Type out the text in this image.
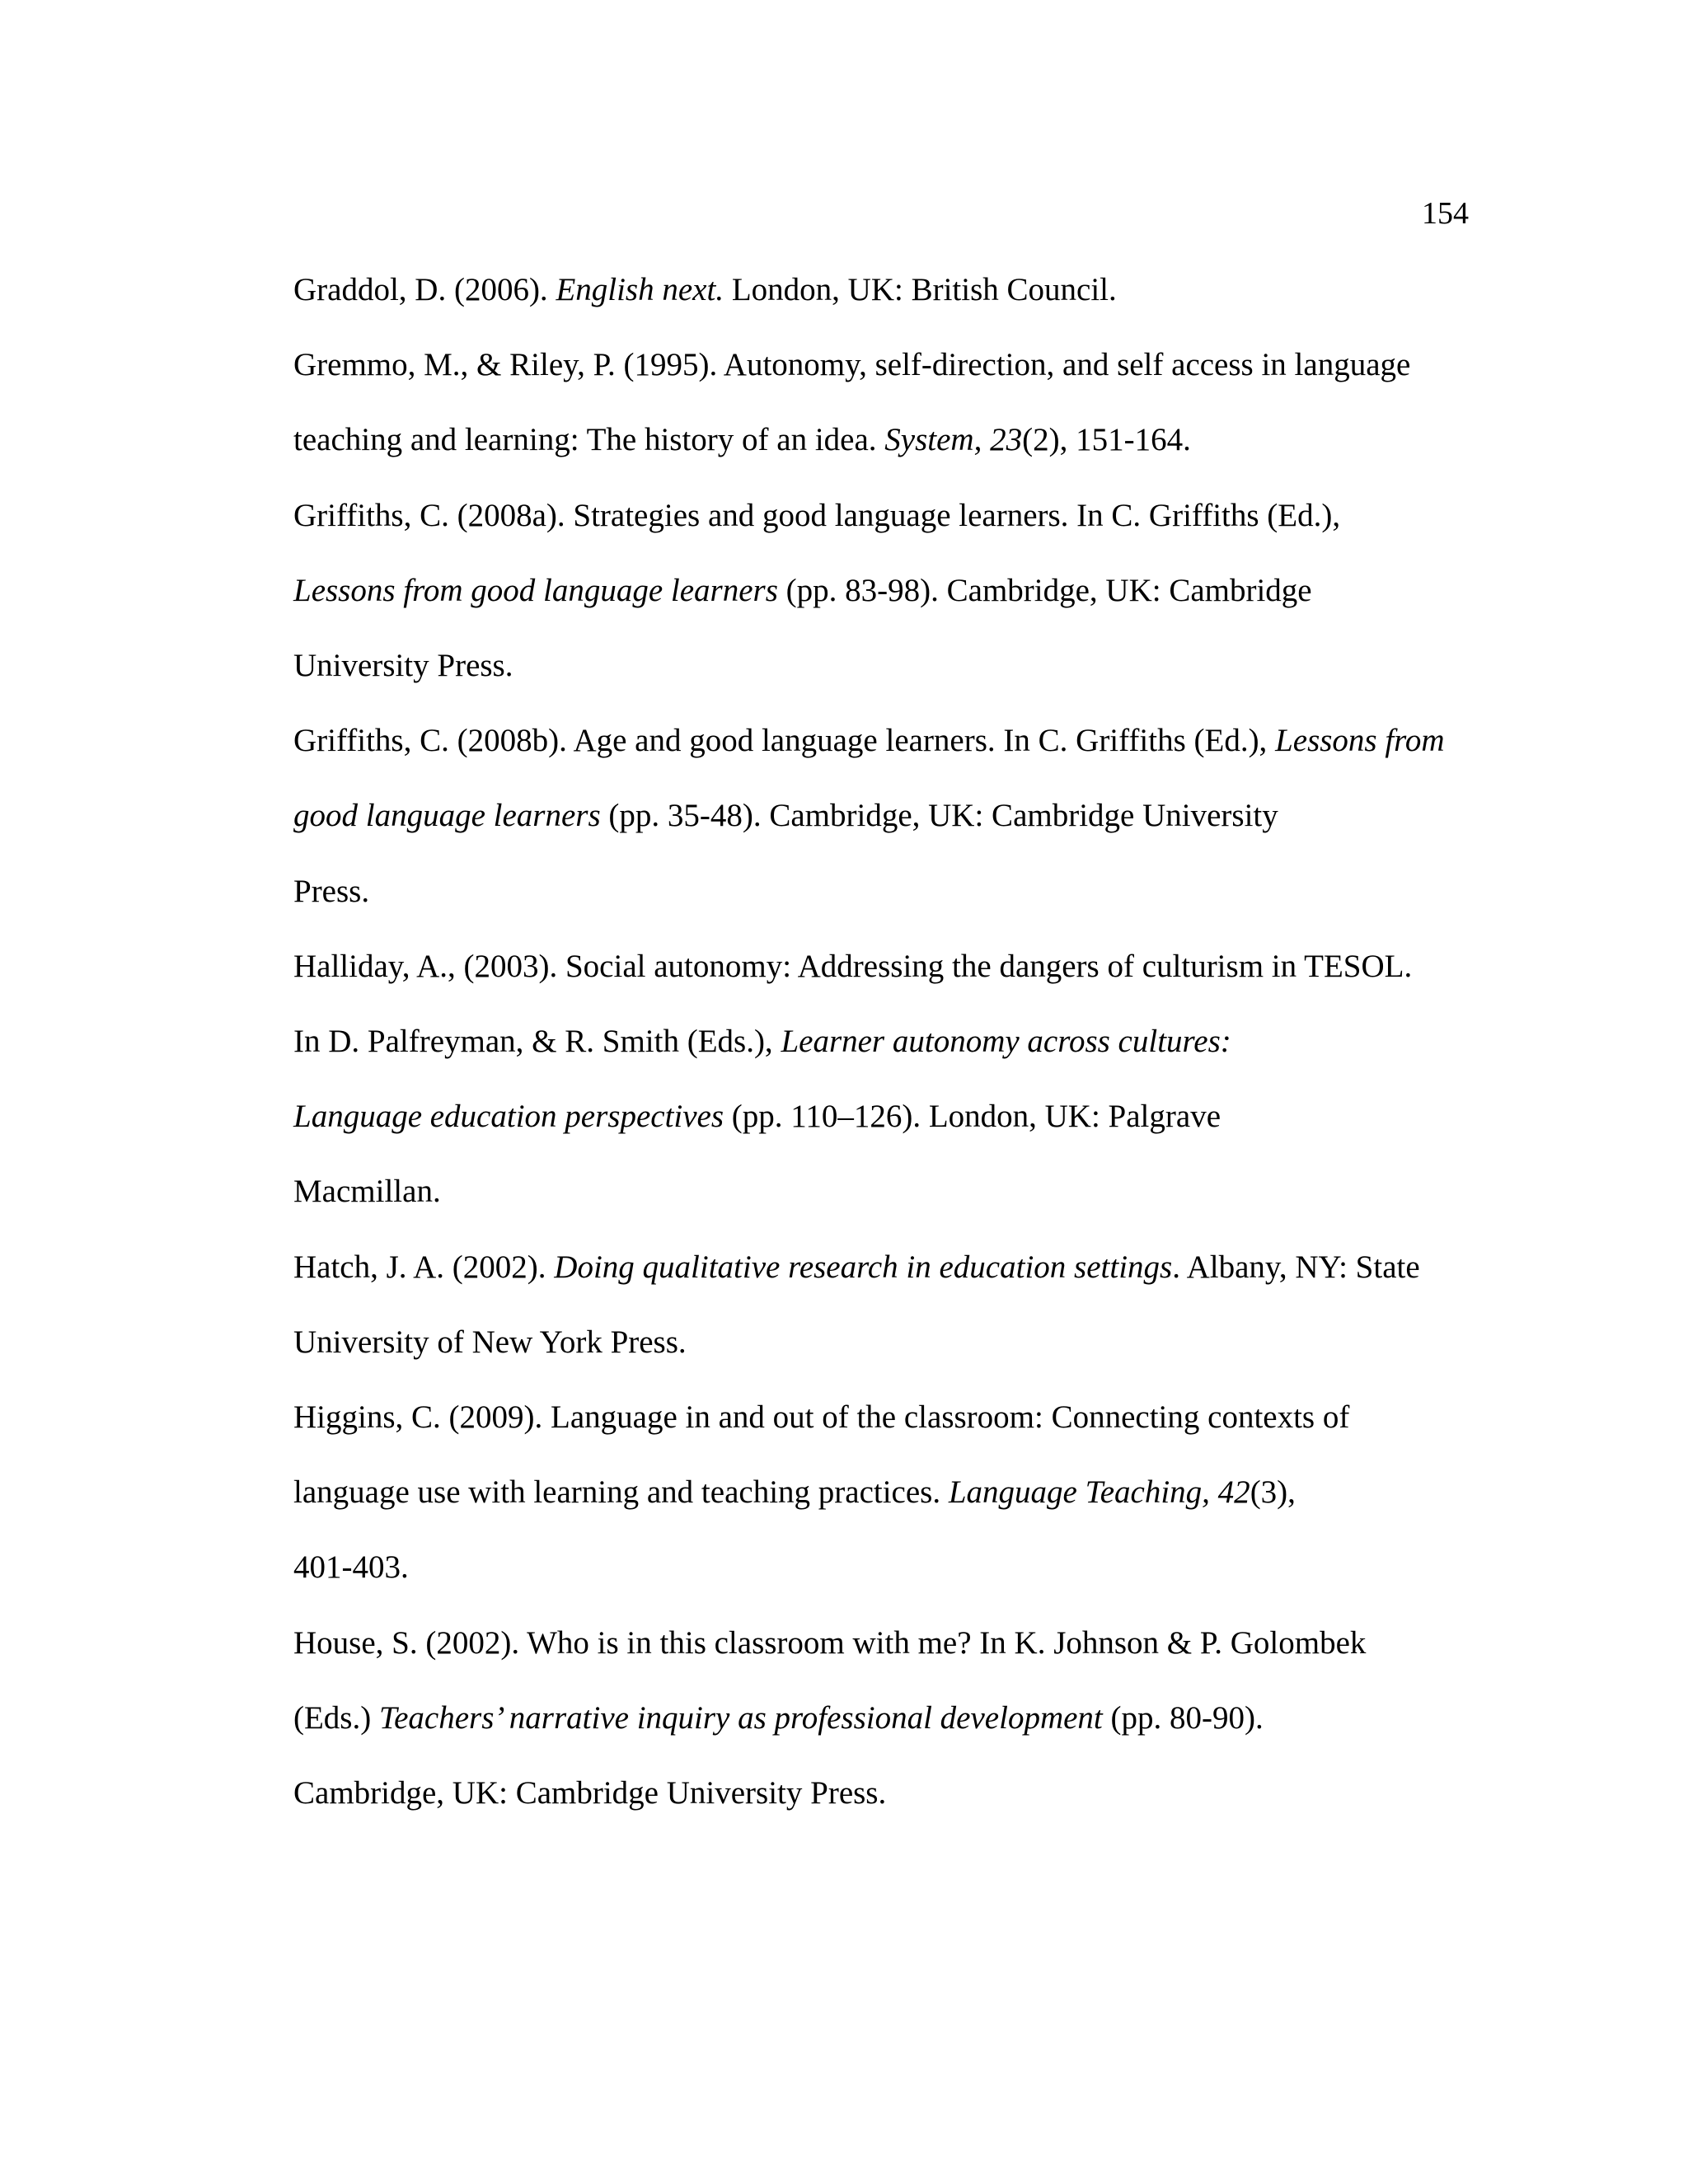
154

Graddol, D. (2006). English next. London, UK: British Council.

Gremmo, M., & Riley, P. (1995). Autonomy, self-direction, and self access in language
teaching and learning: The history of an idea. System, 23(2), 151-164.

Griffiths, C. (2008a). Strategies and good language learners. In C. Griffiths (Ed.),
Lessons from good language learners (pp. 83-98). Cambridge, UK: Cambridge
University Press.

Griffiths, C. (2008b). Age and good language learners. In C. Griffiths (Ed.), Lessons from
good language learners (pp. 35-48). Cambridge, UK: Cambridge University
Press.

Halliday, A., (2003). Social autonomy: Addressing the dangers of culturism in TESOL.
In D. Palfreyman, & R. Smith (Eds.), Learner autonomy across cultures:
Language education perspectives (pp. 110–126). London, UK: Palgrave
Macmillan.

Hatch, J. A. (2002). Doing qualitative research in education settings. Albany, NY: State
University of New York Press.

Higgins, C. (2009). Language in and out of the classroom: Connecting contexts of
language use with learning and teaching practices. Language Teaching, 42(3),
401-403.

House, S. (2002). Who is in this classroom with me? In K. Johnson & P. Golombek
(Eds.) Teachers’ narrative inquiry as professional development (pp. 80-90).
Cambridge, UK: Cambridge University Press.
